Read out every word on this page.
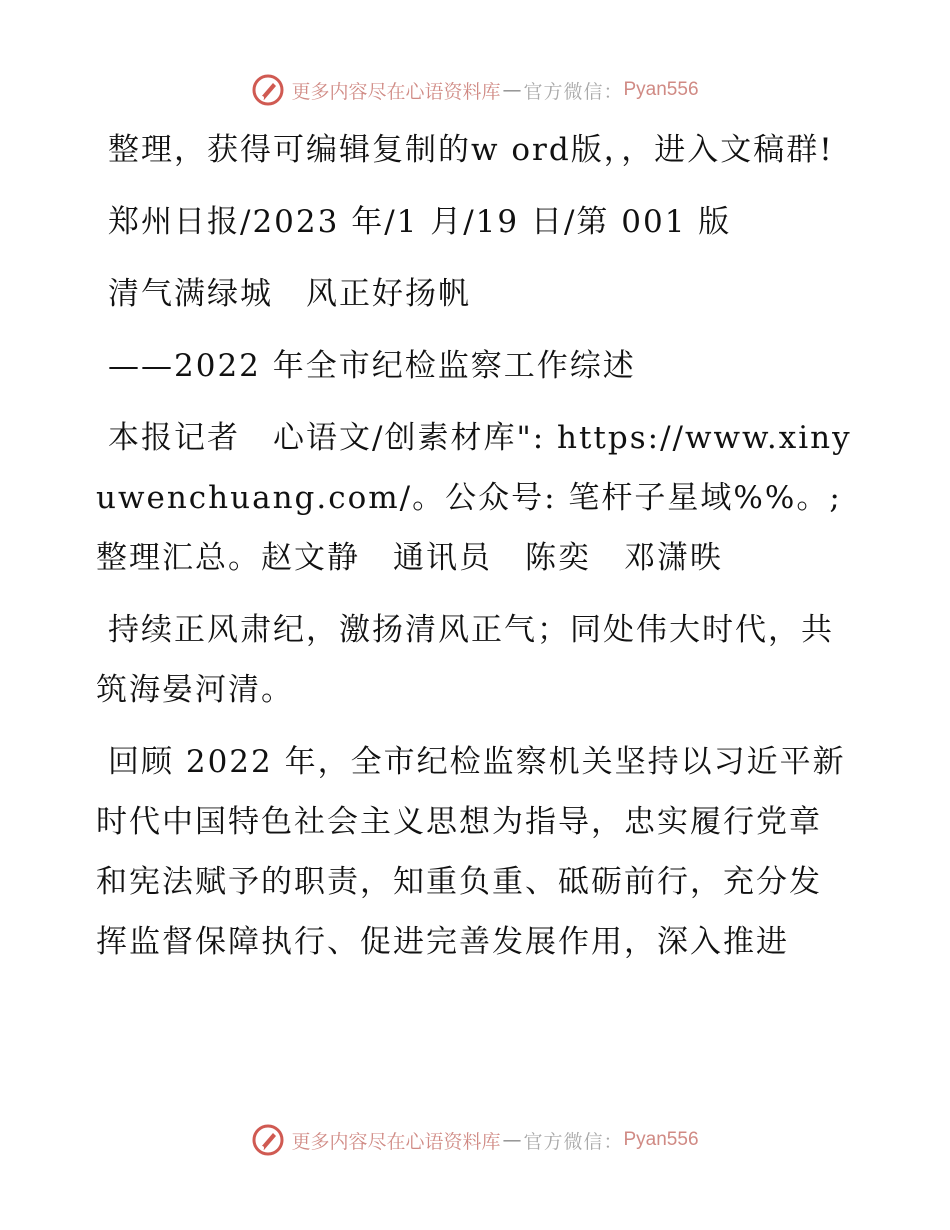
更多内容尽在心语资料库 — 官方微信： Pyan556

整理，获得可编辑复制的w ord版，，进入文稿群!

郑州日报/2023 年/1 月/19 日/第 001 版

清气满绿城　风正好扬帆

——2022 年全市纪检监察工作综述

本报记者　心语文/创素材库": https://www.xinyuwenchuang.com/。公众号: 笔杆子星域%%。;整理汇总。赵文静　通讯员　陈奕　邓潇昳

持续正风肃纪，激扬清风正气；同处伟大时代，共筑海晏河清。

回顾 2022 年，全市纪检监察机关坚持以习近平新时代中国特色社会主义思想为指导，忠实履行党章和宪法赋予的职责，知重负重、砥砺前行，充分发挥监督保障执行、促进完善发展作用，深入推进

更多内容尽在心语资料库 — 官方微信： Pyan556
